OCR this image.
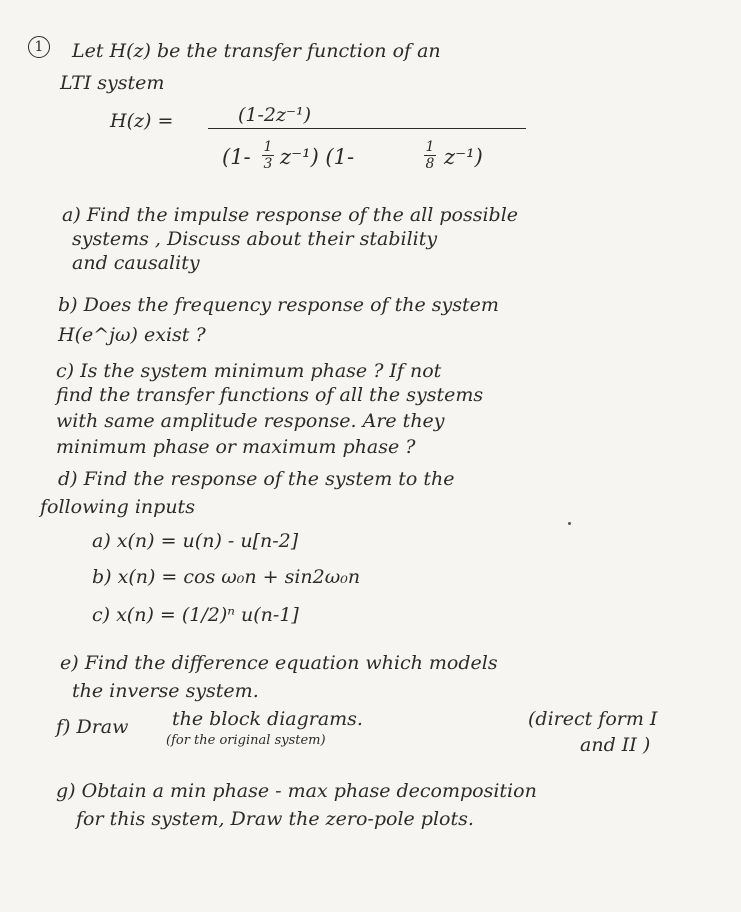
1	Let H(z) be the transfer function of an
LTI system
H(z) =	(1-2z⁻¹)
(1- 1
3 z⁻¹) (1-	1
8 z⁻¹)
a) Find the impulse response of the all possible
systems , Discuss about their stability
and causality
b) Does the frequency response of the system
H(e^jω) exist ?
c) Is the system minimum phase ? If not
find the transfer functions of all the systems
with same amplitude response. Are they
minimum phase or maximum phase ?
d) Find the response of the system to the
following inputs
a) x(n) = u(n) - u[n-2]
b) x(n) = cos ω₀n + sin2ω₀n
c) x(n) = (1/2)ⁿ u(n-1]
e) Find the difference equation which models
the inverse system.
f) Draw the block diagrams.
(for the original system)
(direct form I
and II )
g) Obtain a min phase - max phase decomposition
for this system, Draw the zero-pole plots.
